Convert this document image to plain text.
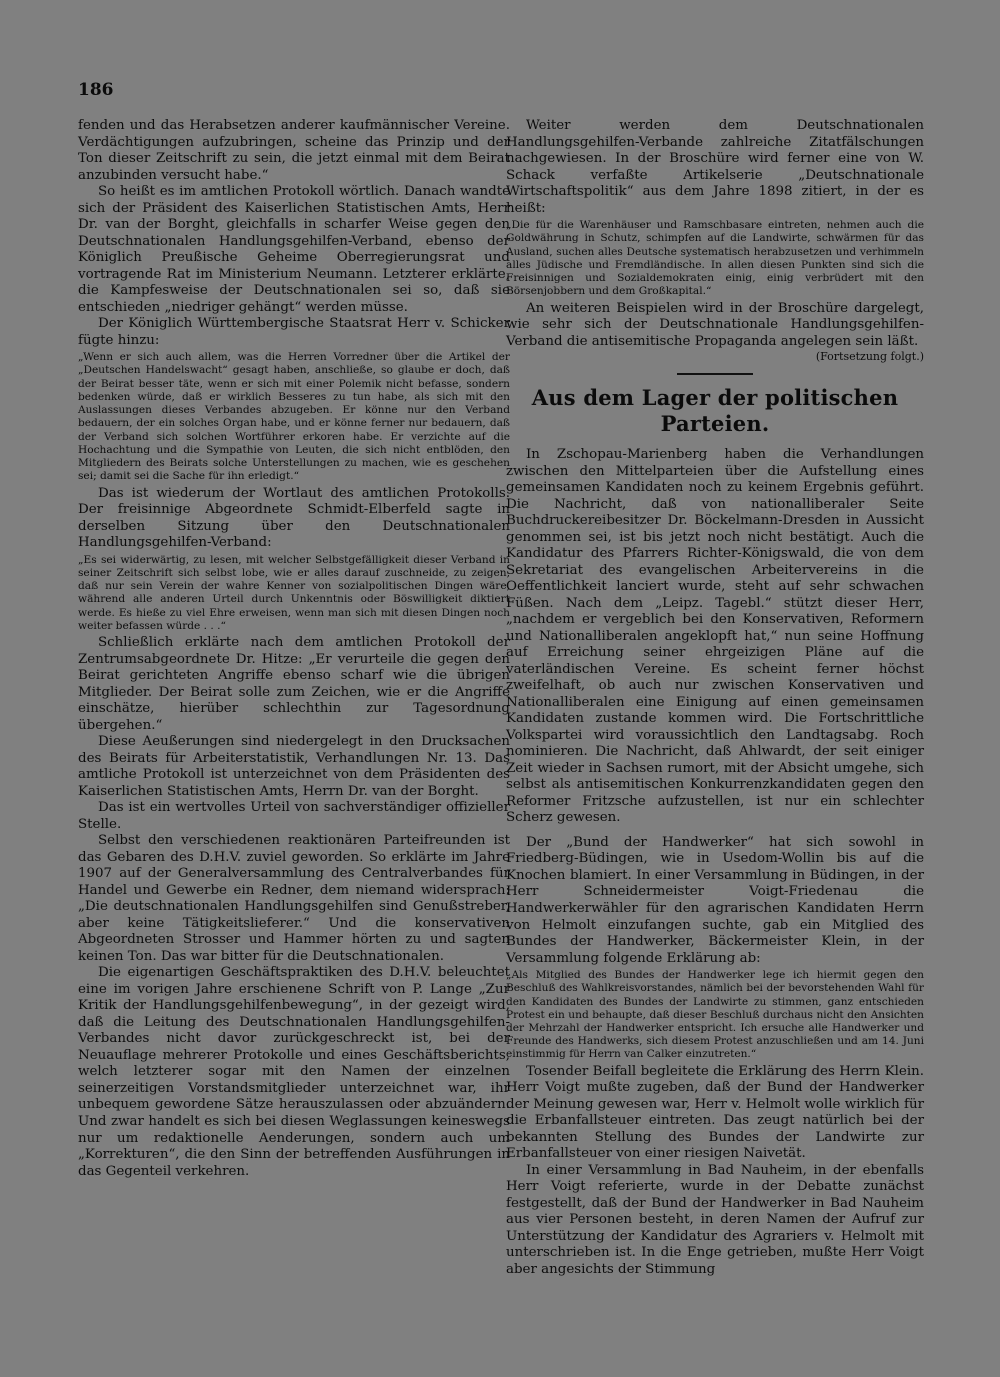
186

fenden und das Herabsetzen anderer kaufmännischer Vereine. Verdächtigungen aufzubringen, scheine das Prinzip und der Ton dieser Zeitschrift zu sein, die jetzt einmal mit dem Beirat anzubinden versucht habe.“

So heißt es im amtlichen Protokoll wörtlich. Danach wandte sich der Präsident des Kaiserlichen Statistischen Amts, Herr Dr. van der Borght, gleichfalls in scharfer Weise gegen den Deutschnationalen Handlungsgehilfen-Verband, ebenso der Königlich Preußische Geheime Oberregierungsrat und vortragende Rat im Ministerium Neumann. Letzterer erklärte, die Kampfesweise der Deutschnationalen sei so, daß sie entschieden „niedriger gehängt“ werden müsse.

Der Königlich Württembergische Staatsrat Herr v. Schicker fügte hinzu:

„Wenn er sich auch allem, was die Herren Vorredner über die Artikel der „Deutschen Handelswacht“ gesagt haben, anschließe, so glaube er doch, daß der Beirat besser täte, wenn er sich mit einer Polemik nicht befasse, sondern bedenken würde, daß er wirklich Besseres zu tun habe, als sich mit den Auslassungen dieses Verbandes abzugeben. Er könne nur den Verband bedauern, der ein solches Organ habe, und er könne ferner nur bedauern, daß der Verband sich solchen Wortführer erkoren habe. Er verzichte auf die Hochachtung und die Sympathie von Leuten, die sich nicht entblöden, den Mitgliedern des Beirats solche Unterstellungen zu machen, wie es geschehen sei; damit sei die Sache für ihn erledigt.“

Das ist wiederum der Wortlaut des amtlichen Protokolls. Der freisinnige Abgeordnete Schmidt-Elberfeld sagte in derselben Sitzung über den Deutschnationalen Handlungsgehilfen-Verband:

„Es sei widerwärtig, zu lesen, mit welcher Selbstgefälligkeit dieser Verband in seiner Zeitschrift sich selbst lobe, wie er alles darauf zuschneide, zu zeigen, daß nur sein Verein der wahre Kenner von sozialpolitischen Dingen wäre, während alle anderen Urteil durch Unkenntnis oder Böswilligkeit diktiert werde. Es hieße zu viel Ehre erweisen, wenn man sich mit diesen Dingen noch weiter befassen würde . . .“

Schließlich erklärte nach dem amtlichen Protokoll der Zentrumsabgeordnete Dr. Hitze: „Er verurteile die gegen den Beirat gerichteten Angriffe ebenso scharf wie die übrigen Mitglieder. Der Beirat solle zum Zeichen, wie er die Angriffe einschätze, hierüber schlechthin zur Tagesordnung übergehen.“

Diese Aeußerungen sind niedergelegt in den Drucksachen des Beirats für Arbeiterstatistik, Verhandlungen Nr. 13. Das amtliche Protokoll ist unterzeichnet von dem Präsidenten des Kaiserlichen Statistischen Amts, Herrn Dr. van der Borght.

Das ist ein wertvolles Urteil von sachverständiger offizieller Stelle.

Selbst den verschiedenen reaktionären Parteifreunden ist das Gebaren des D.H.V. zuviel geworden. So erklärte im Jahre 1907 auf der Generalversammlung des Centralverbandes für Handel und Gewerbe ein Redner, dem niemand widersprach: „Die deutschnationalen Handlungsgehilfen sind Genußstreber, aber keine Tätigkeitslieferer.“ Und die konservativen Abgeordneten Strosser und Hammer hörten zu und sagten keinen Ton. Das war bitter für die Deutschnationalen.

Die eigenartigen Geschäftspraktiken des D.H.V. beleuchtet eine im vorigen Jahre erschienene Schrift von P. Lange „Zur Kritik der Handlungsgehilfenbewegung“, in der gezeigt wird, daß die Leitung des Deutschnationalen Handlungsgehilfen-Verbandes nicht davor zurückgeschreckt ist, bei der Neuauflage mehrerer Protokolle und eines Geschäftsberichts, welch letzterer sogar mit den Namen der einzelnen seinerzeitigen Vorstandsmitglieder unterzeichnet war, ihr unbequem gewordene Sätze herauszulassen oder abzuändern. Und zwar handelt es sich bei diesen Weglassungen keineswegs nur um redaktionelle Aenderungen, sondern auch um „Korrekturen“, die den Sinn der betreffenden Ausführungen in das Gegenteil verkehren.

Weiter werden dem Deutschnationalen Handlungsgehilfen-Verbande zahlreiche Zitatfälschungen nachgewiesen. In der Broschüre wird ferner eine von W. Schack verfaßte Artikelserie „Deutschnationale Wirtschaftspolitik“ aus dem Jahre 1898 zitiert, in der es heißt:

„Die für die Warenhäuser und Ramschbasare eintreten, nehmen auch die Goldwährung in Schutz, schimpfen auf die Landwirte, schwärmen für das Ausland, suchen alles Deutsche systematisch herabzusetzen und verhimmeln alles Jüdische und Fremdländische. In allen diesen Punkten sind sich die Freisinnigen und Sozialdemokraten einig, einig verbrüdert mit den Börsenjobbern und dem Großkapital.“

An weiteren Beispielen wird in der Broschüre dargelegt, wie sehr sich der Deutschnationale Handlungsgehilfen-Verband die antisemitische Propaganda angelegen sein läßt.

(Fortsetzung folgt.)

Aus dem Lager der politischen Parteien.

In Zschopau-Marienberg haben die Verhandlungen zwischen den Mittelparteien über die Aufstellung eines gemeinsamen Kandidaten noch zu keinem Ergebnis geführt. Die Nachricht, daß von nationalliberaler Seite Buchdruckereibesitzer Dr. Böckelmann-Dresden in Aussicht genommen sei, ist bis jetzt noch nicht bestätigt. Auch die Kandidatur des Pfarrers Richter-Königswald, die von dem Sekretariat des evangelischen Arbeitervereins in die Oeffentlichkeit lanciert wurde, steht auf sehr schwachen Füßen. Nach dem „Leipz. Tagebl.“ stützt dieser Herr, „nachdem er vergeblich bei den Konservativen, Reformern und Nationalliberalen angeklopft hat,“ nun seine Hoffnung auf Erreichung seiner ehrgeizigen Pläne auf die vaterländischen Vereine. Es scheint ferner höchst zweifelhaft, ob auch nur zwischen Konservativen und Nationalliberalen eine Einigung auf einen gemeinsamen Kandidaten zustande kommen wird. Die Fortschrittliche Volkspartei wird voraussichtlich den Landtagsabg. Roch nominieren. Die Nachricht, daß Ahlwardt, der seit einiger Zeit wieder in Sachsen rumort, mit der Absicht umgehe, sich selbst als antisemitischen Konkurrenzkandidaten gegen den Reformer Fritzsche aufzustellen, ist nur ein schlechter Scherz gewesen.

Der „Bund der Handwerker“ hat sich sowohl in Friedberg-Büdingen, wie in Usedom-Wollin bis auf die Knochen blamiert. In einer Versammlung in Büdingen, in der Herr Schneidermeister Voigt-Friedenau die Handwerkerwähler für den agrarischen Kandidaten Herrn von Helmolt einzufangen suchte, gab ein Mitglied des Bundes der Handwerker, Bäckermeister Klein, in der Versammlung folgende Erklärung ab:

„Als Mitglied des Bundes der Handwerker lege ich hiermit gegen den Beschluß des Wahlkreisvorstandes, nämlich bei der bevorstehenden Wahl für den Kandidaten des Bundes der Landwirte zu stimmen, ganz entschieden Protest ein und behaupte, daß dieser Beschluß durchaus nicht den Ansichten der Mehrzahl der Handwerker entspricht. Ich ersuche alle Handwerker und Freunde des Handwerks, sich diesem Protest anzuschließen und am 14. Juni einstimmig für Herrn van Calker einzutreten.“

Tosender Beifall begleitete die Erklärung des Herrn Klein. Herr Voigt mußte zugeben, daß der Bund der Handwerker der Meinung gewesen war, Herr v. Helmolt wolle wirklich für die Erbanfallsteuer eintreten. Das zeugt natürlich bei der bekannten Stellung des Bundes der Landwirte zur Erbanfallsteuer von einer riesigen Naivetät.

In einer Versammlung in Bad Nauheim, in der ebenfalls Herr Voigt referierte, wurde in der Debatte zunächst festgestellt, daß der Bund der Handwerker in Bad Nauheim aus vier Personen besteht, in deren Namen der Aufruf zur Unterstützung der Kandidatur des Agrariers v. Helmolt mit unterschrieben ist. In die Enge getrieben, mußte Herr Voigt aber angesichts der Stimmung
